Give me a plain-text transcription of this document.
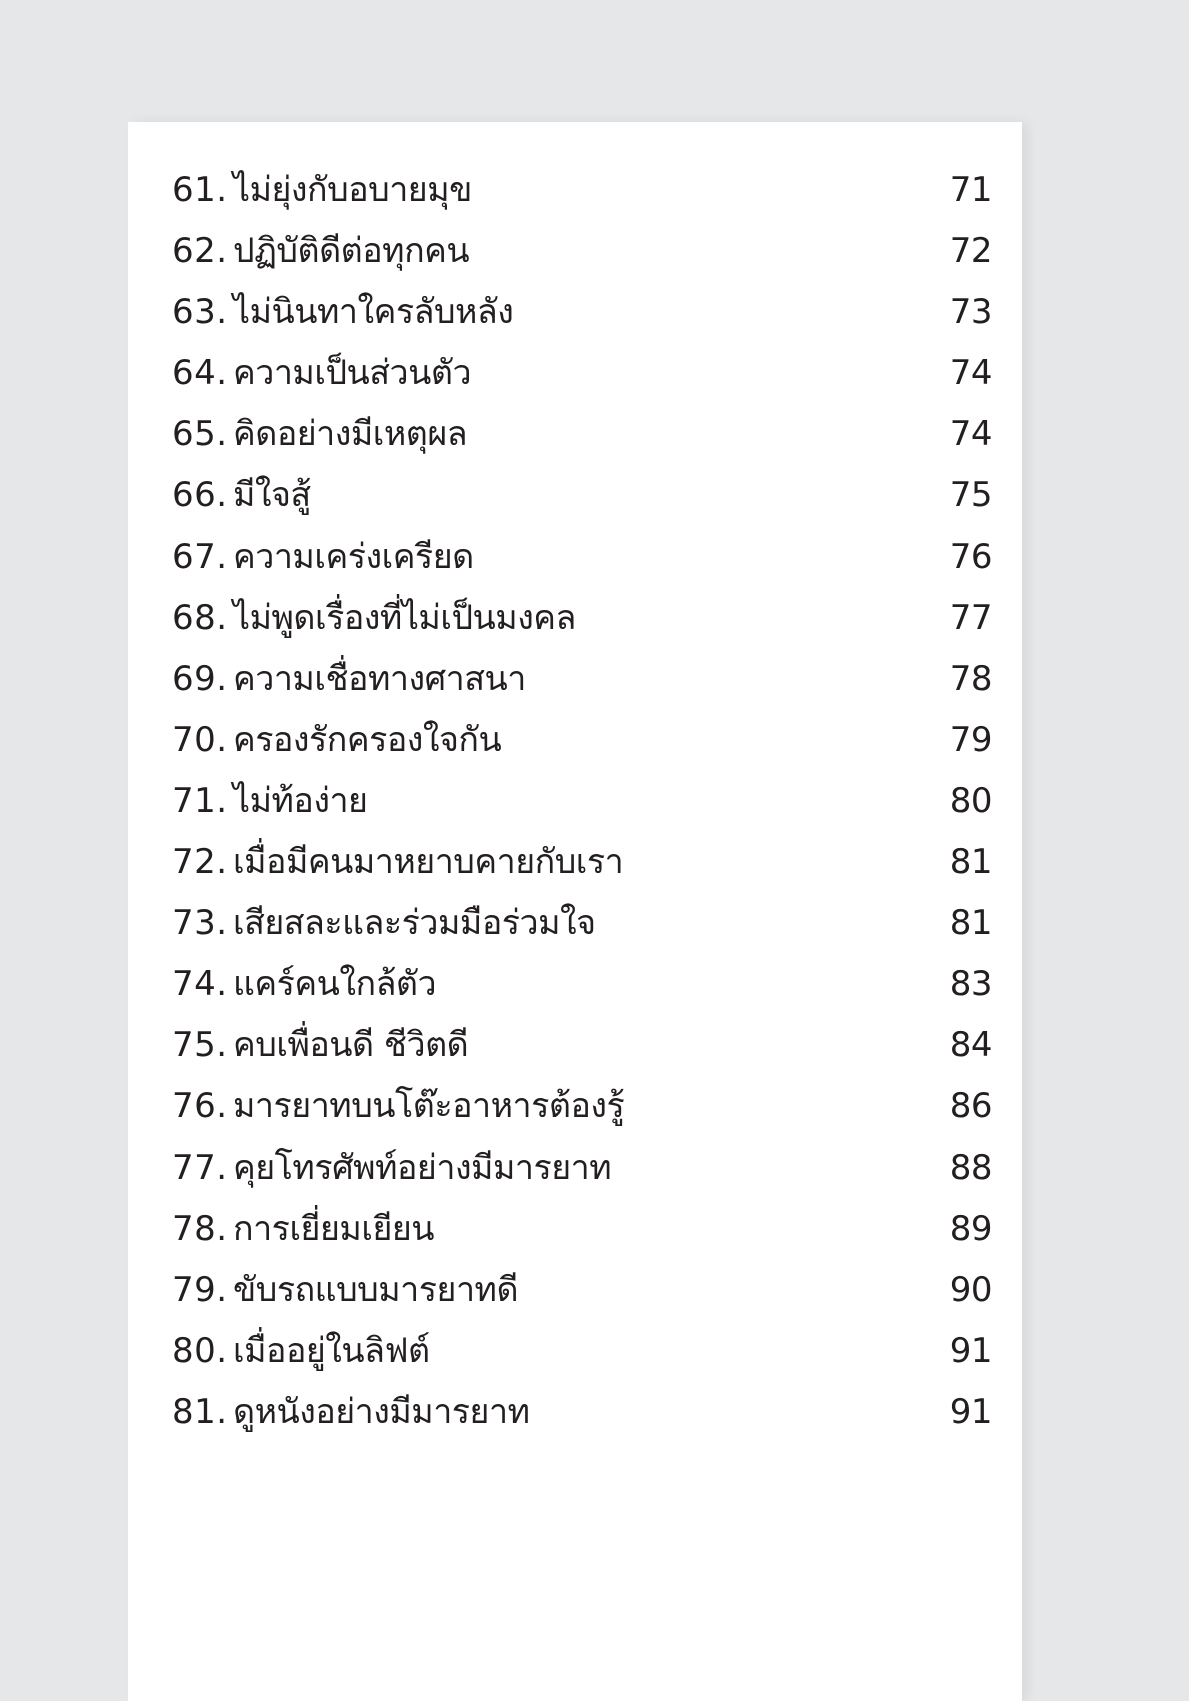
61. ไม่ยุ่งกับอบายมุข	71
62. ปฏิบัติดีต่อทุกคน	72
63. ไม่นินทาใครลับหลัง	73
64. ความเป็นส่วนตัว	74
65. คิดอย่างมีเหตุผล	74
66. มีใจสู้	75
67. ความเคร่งเครียด	76
68. ไม่พูดเรื่องที่ไม่เป็นมงคล	77
69. ความเชื่อทางศาสนา	78
70. ครองรักครองใจกัน	79
71. ไม่ท้อง่าย	80
72. เมื่อมีคนมาหยาบคายกับเรา	81
73. เสียสละและร่วมมือร่วมใจ	81
74. แคร์คนใกล้ตัว	83
75. คบเพื่อนดี ชีวิตดี	84
76. มารยาทบนโต๊ะอาหารต้องรู้	86
77. คุยโทรศัพท์อย่างมีมารยาท	88
78. การเยี่ยมเยียน	89
79. ขับรถแบบมารยาทดี	90
80. เมื่ออยู่ในลิฟต์	91
81. ดูหนังอย่างมีมารยาท	91
